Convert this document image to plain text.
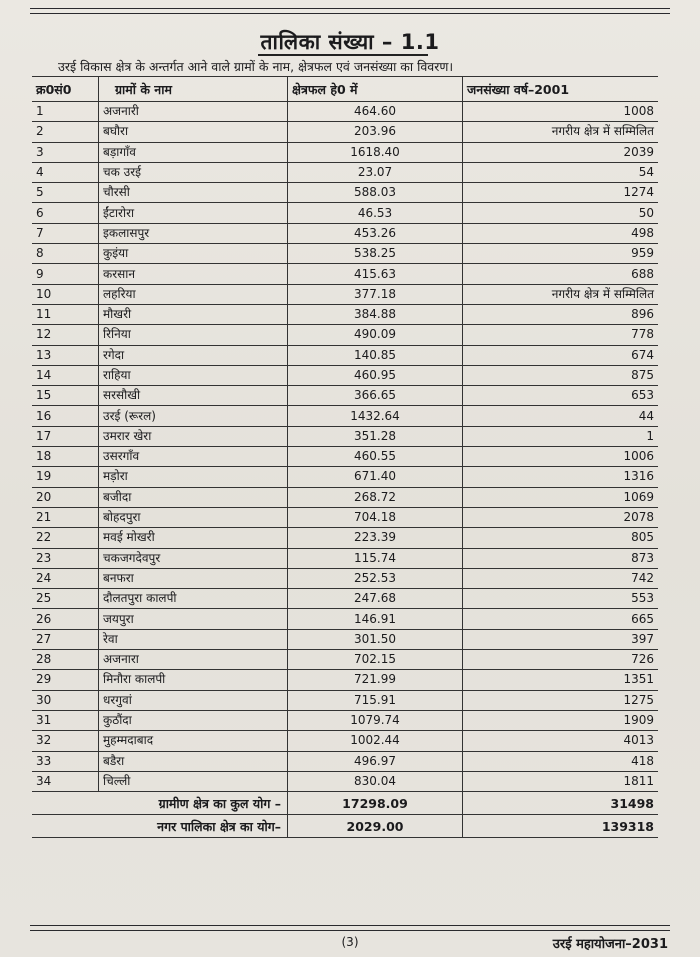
तालिका संख्या – 1.1
उरई विकास क्षेत्र के अन्तर्गत आने वाले ग्रामों के नाम, क्षेत्रफल एवं जनसंख्या का विवरण।
क्र0सं0	ग्रामों के नाम	क्षेत्रफल हे0 में	जनसंख्या वर्ष–2001
1	अजनारी	464.60	1008
2	बघौरा	203.96	नगरीय क्षेत्र में सम्मिलित
3	बड़ागाँव	1618.40	2039
4	चक उरई	23.07	54
5	चौरसी	588.03	1274
6	ईंटारोरा	46.53	50
7	इकलासपुर	453.26	498
8	कुइंया	538.25	959
9	करसान	415.63	688
10	लहरिया	377.18	नगरीय क्षेत्र में सम्मिलित
11	मौखरी	384.88	896
12	रिनिया	490.09	778
13	रगेदा	140.85	674
14	राहिया	460.95	875
15	सरसौखी	366.65	653
16	उरई (रूरल)	1432.64	44
17	उमरार खेरा	351.28	1
18	उसरगाँव	460.55	1006
19	मड़ोरा	671.40	1316
20	बजीदा	268.72	1069
21	बोहदपुरा	704.18	2078
22	मवई मोखरी	223.39	805
23	चकजगदेवपुर	115.74	873
24	बनफरा	252.53	742
25	दौलतपुरा कालपी	247.68	553
26	जयपुरा	146.91	665
27	रेवा	301.50	397
28	अजनारा	702.15	726
29	मिनौरा कालपी	721.99	1351
30	धरगुवां	715.91	1275
31	कुठौंदा	1079.74	1909
32	मुहम्मदाबाद	1002.44	4013
33	बडैरा	496.97	418
34	चिल्ली	830.04	1811
ग्रामीण क्षेत्र का कुल योग –		17298.09	31498
नगर पालिका क्षेत्र का योग–		2029.00	139318
(3)	उरई महायोजना–2031
